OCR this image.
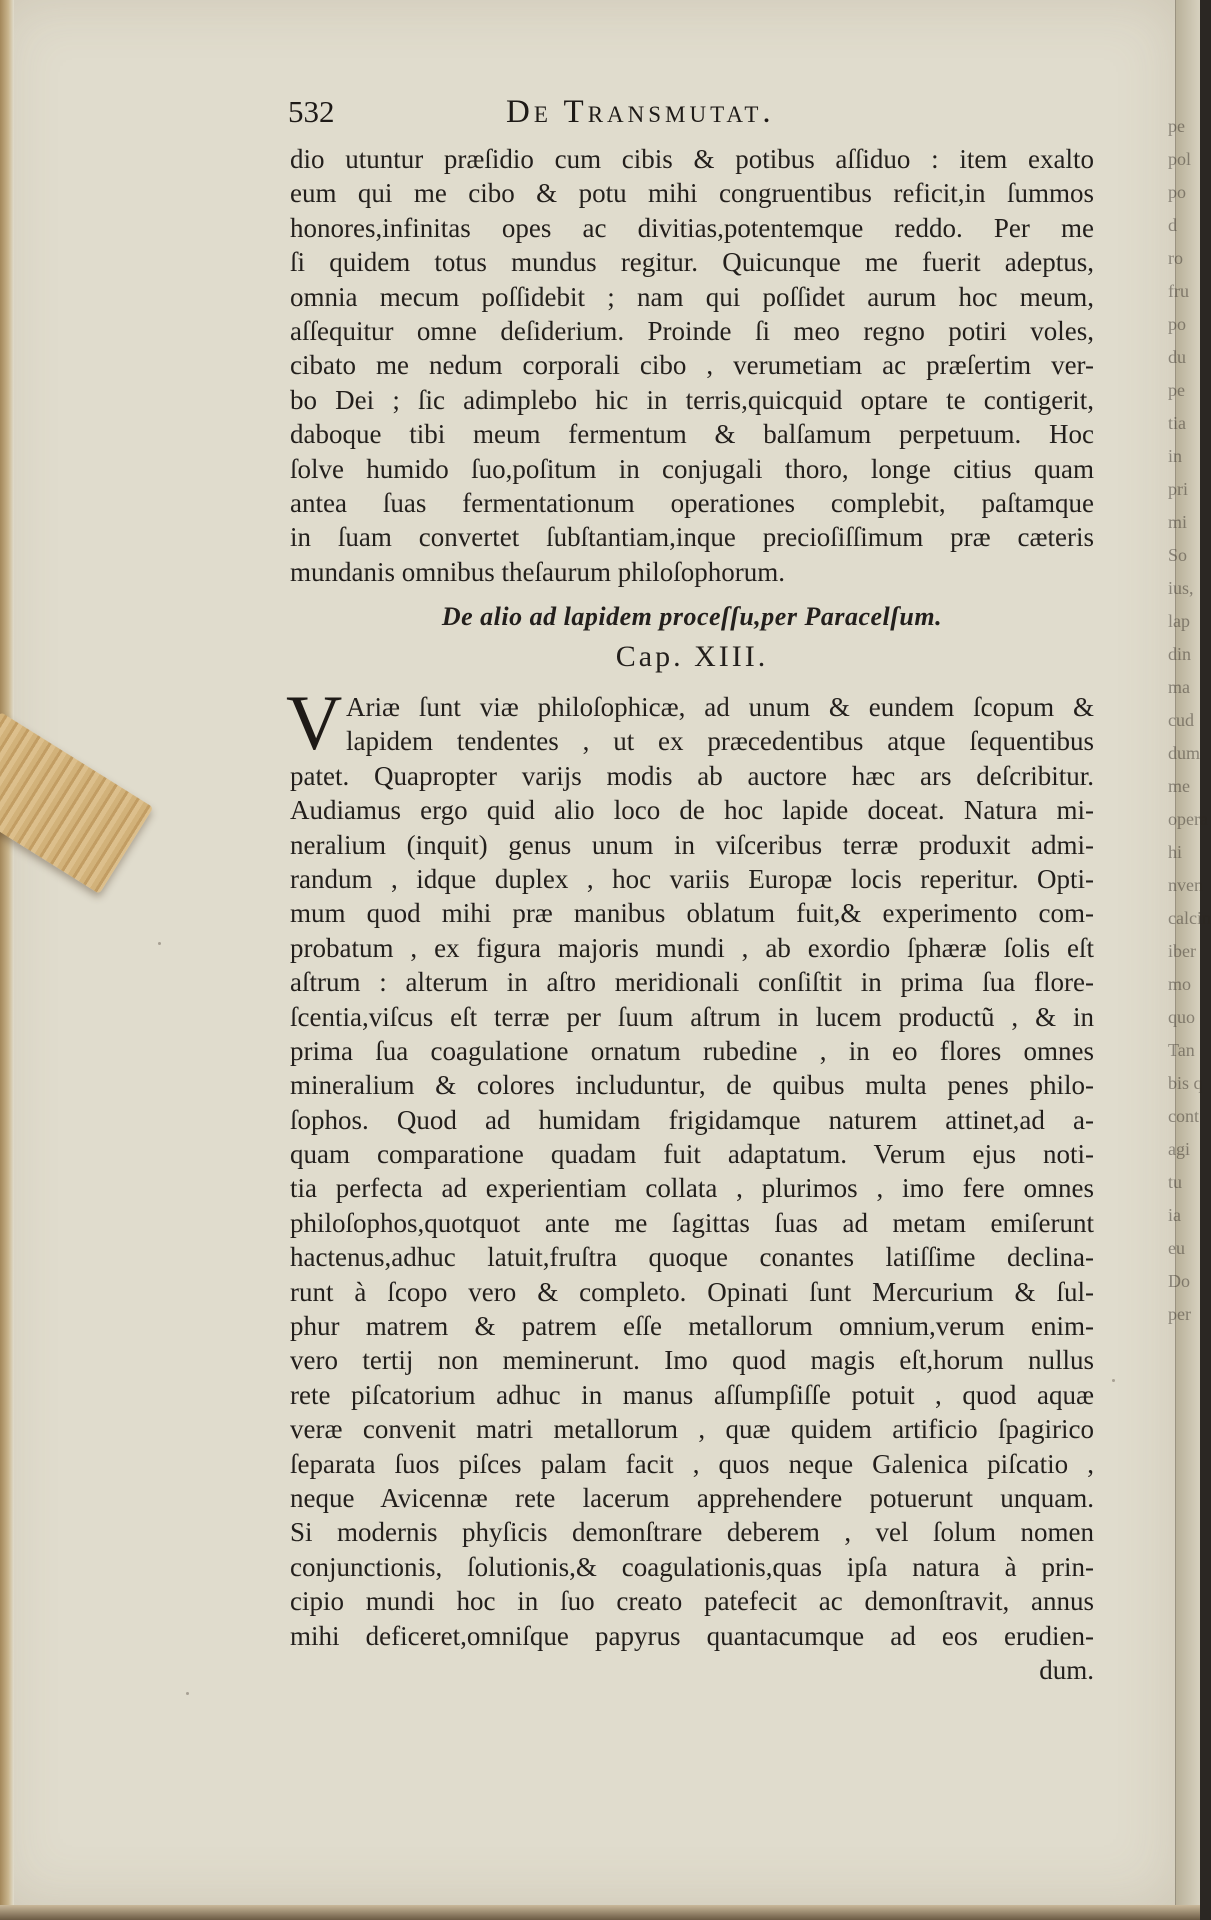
pe
pol
po
d
ro
fru
po
du
pe
tia
in
pri
mi
So
ius,
lap
din
ma
cud
dum
me
opera
hi
nven
calcin
iber
mo
quo
Tan
bis q
cont
agi
tu
ia
eu
Do
per
532	De Transmutat.
dio utuntur præſidio cum cibis & potibus aſſiduo : item exalto
eum qui me cibo & potu mihi congruentibus reficit,in ſummos
honores,infinitas opes ac divitias,potentemque reddo. Per me
ſi quidem totus mundus regitur. Quicunque me fuerit adeptus,
omnia mecum poſſidebit ; nam qui poſſidet aurum hoc meum,
aſſequitur omne deſiderium. Proinde ſi meo regno potiri voles,
cibato me nedum corporali cibo , verumetiam ac præſertim ver-
bo Dei ; ſic adimplebo hic in terris,quicquid optare te contigerit,
daboque tibi meum fermentum & balſamum perpetuum. Hoc
ſolve humido ſuo,poſitum in conjugali thoro, longe citius quam
antea ſuas fermentationum operationes complebit, paſtamque
in ſuam convertet ſubſtantiam,inque precioſiſſimum præ cæteris
mundanis omnibus theſaurum philoſophorum.
De alio ad lapidem proceſſu,per Paracelſum.
Cap. XIII.
V Ariæ ſunt viæ philoſophicæ, ad unum & eundem ſcopum &
lapidem tendentes , ut ex præcedentibus atque ſequentibus
patet. Quapropter varijs modis ab auctore hæc ars deſcribitur.
Audiamus ergo quid alio loco de hoc lapide doceat. Natura mi-
neralium (inquit) genus unum in viſceribus terræ produxit admi-
randum , idque duplex , hoc variis Europæ locis reperitur. Opti-
mum quod mihi præ manibus oblatum fuit,& experimento com-
probatum , ex figura majoris mundi , ab exordio ſphæræ ſolis eſt
aſtrum : alterum in aſtro meridionali conſiſtit in prima ſua flore-
ſcentia,viſcus eſt terræ per ſuum aſtrum in lucem productũ , & in
prima ſua coagulatione ornatum rubedine , in eo flores omnes
mineralium & colores includuntur, de quibus multa penes philo-
ſophos. Quod ad humidam frigidamque naturem attinet,ad a-
quam comparatione quadam fuit adaptatum. Verum ejus noti-
tia perfecta ad experientiam collata , plurimos , imo fere omnes
philoſophos,quotquot ante me ſagittas ſuas ad metam emiſerunt
hactenus,adhuc latuit,fruſtra quoque conantes latiſſime declina-
runt à ſcopo vero & completo. Opinati ſunt Mercurium & ſul-
phur matrem & patrem eſſe metallorum omnium,verum enim-
vero tertij non meminerunt. Imo quod magis eſt,horum nullus
rete piſcatorium adhuc in manus aſſumpſiſſe potuit , quod aquæ
veræ convenit matri metallorum , quæ quidem artificio ſpagirico
ſeparata ſuos piſces palam facit , quos neque Galenica piſcatio ,
neque Avicennæ rete lacerum apprehendere potuerunt unquam.
Si modernis phyſicis demonſtrare deberem , vel ſolum nomen
conjunctionis, ſolutionis,& coagulationis,quas ipſa natura à prin-
cipio mundi hoc in ſuo creato patefecit ac demonſtravit, annus
mihi deficeret,omniſque papyrus quantacumque ad eos erudien-
dum.
